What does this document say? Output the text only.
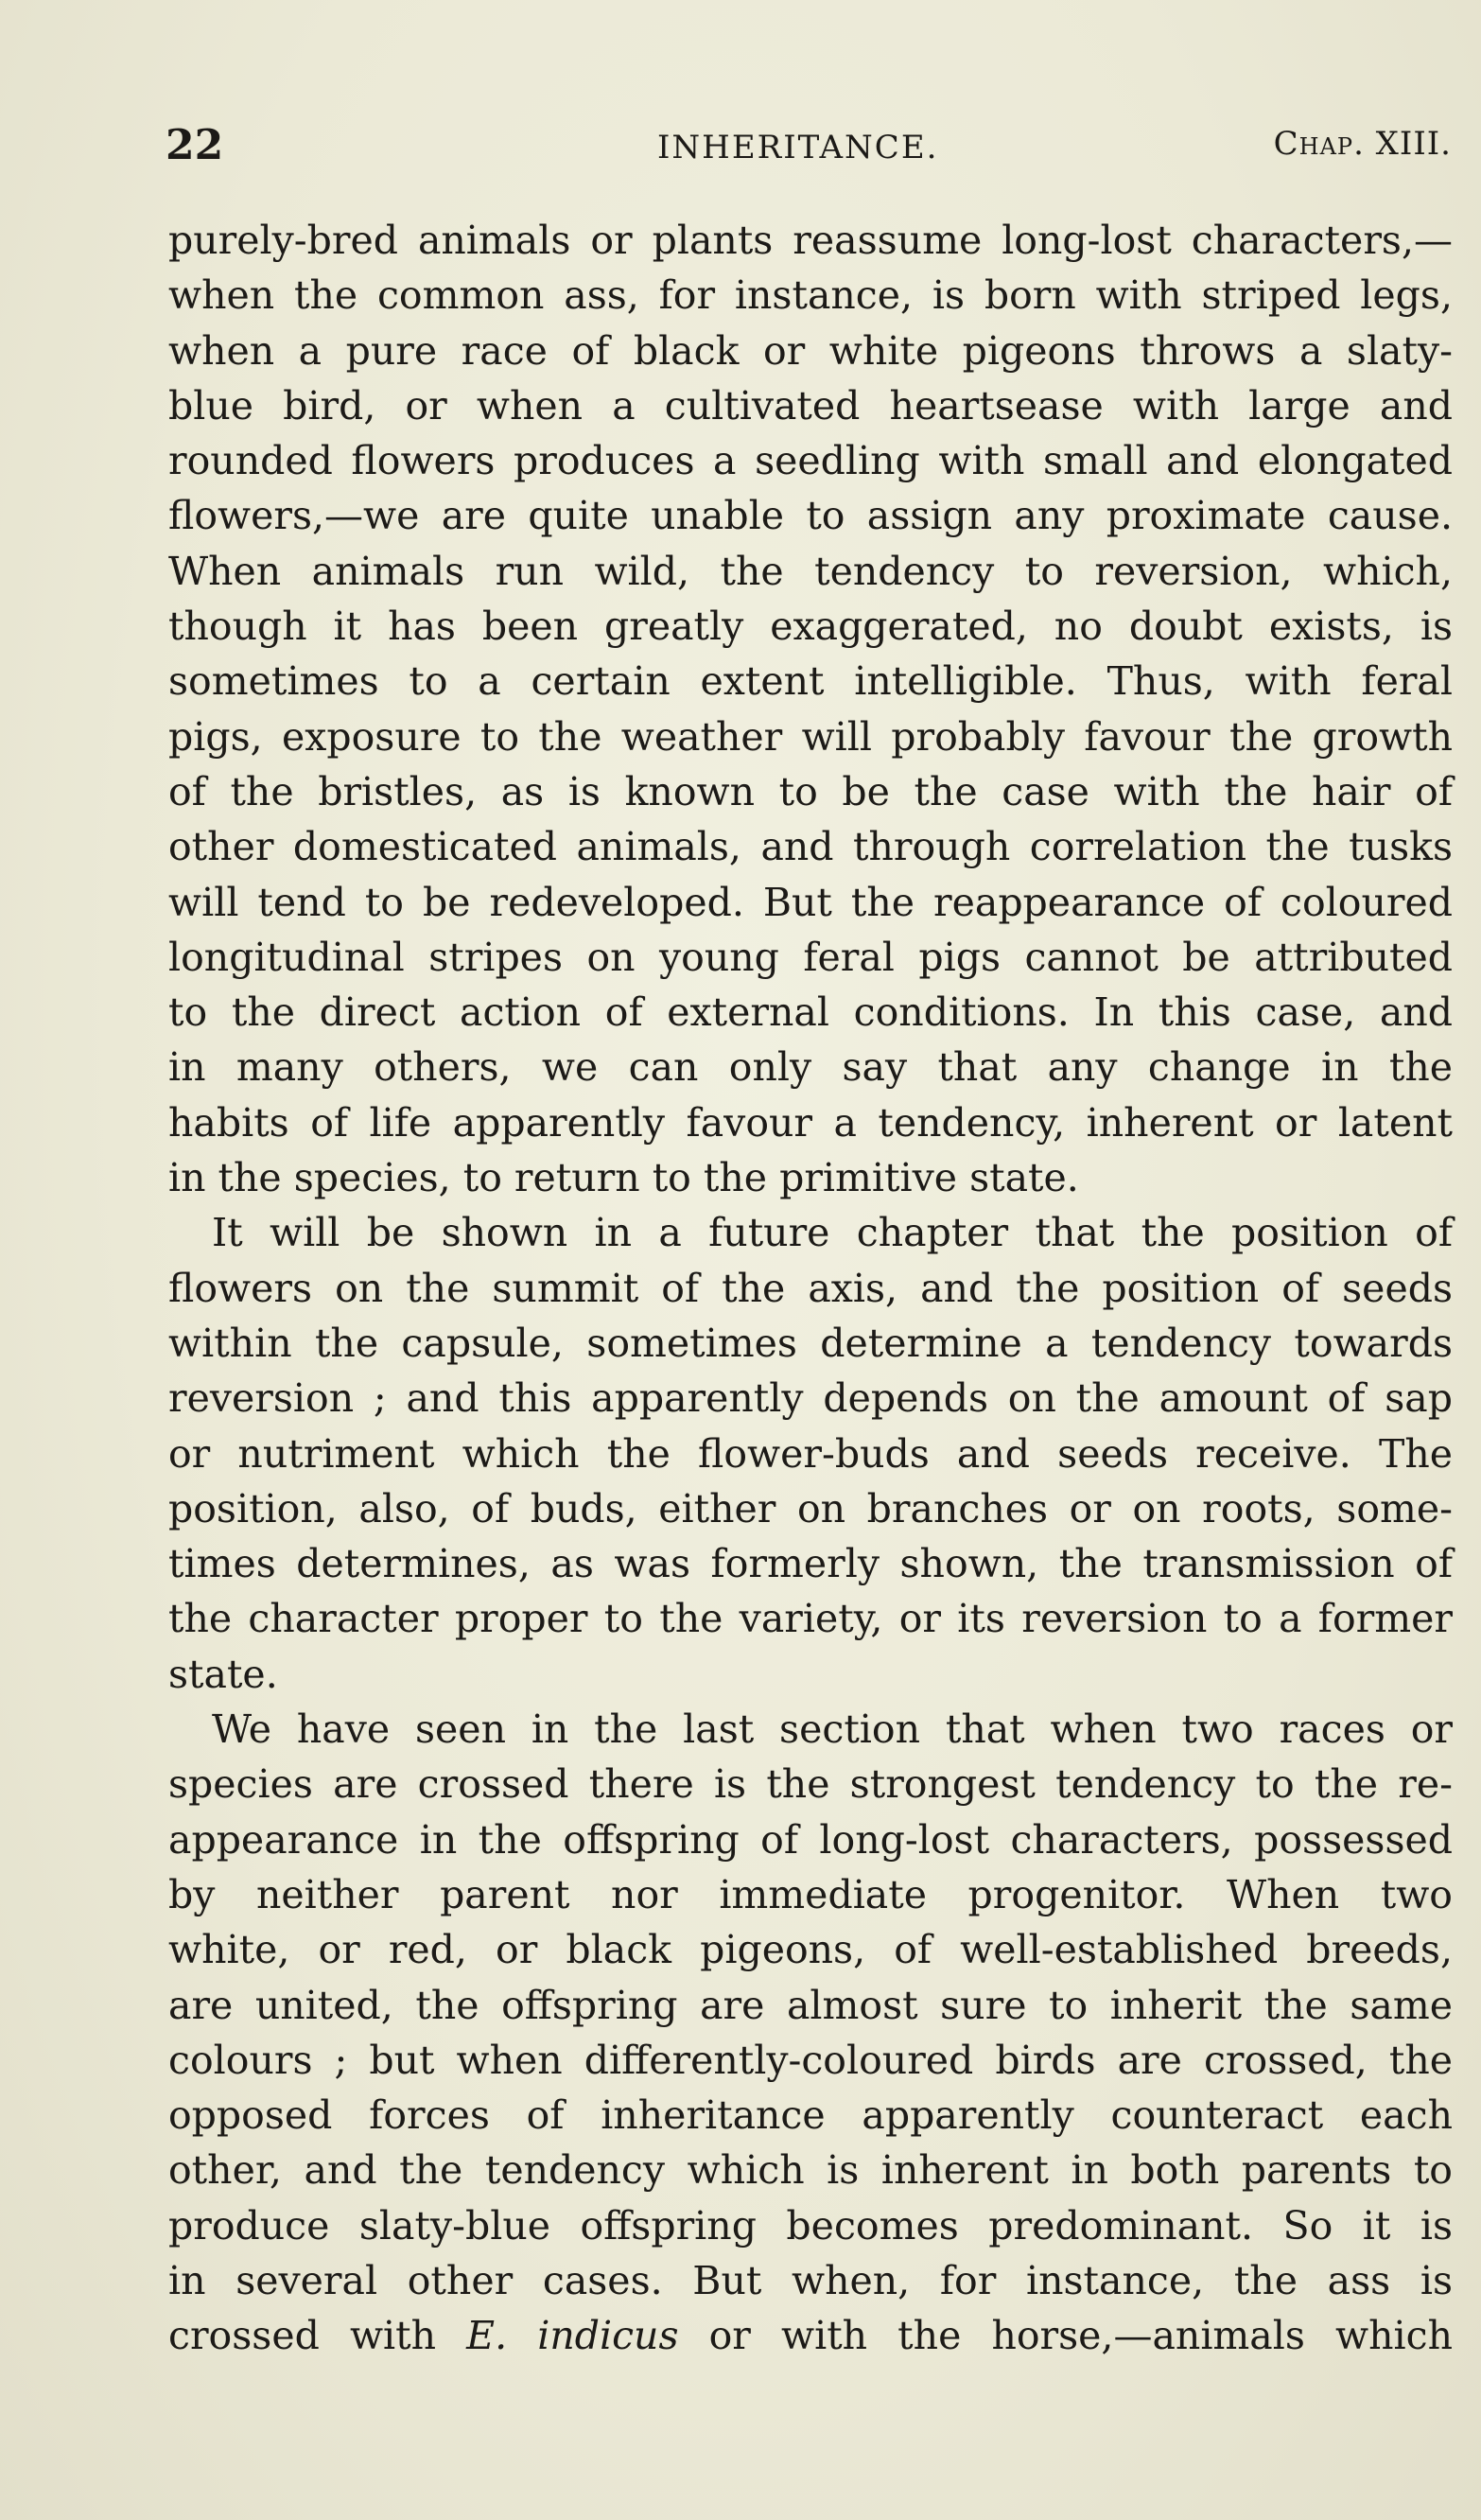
22	INHERITANCE.	Chap. XIII.
purely-bred animals or plants reassume long-lost characters,—
when the common ass, for instance, is born with striped legs,
when a pure race of black or white pigeons throws a slaty-
blue bird, or when a cultivated heartsease with large and
rounded flowers produces a seedling with small and elongated
flowers,—we are quite unable to assign any proximate cause.
When animals run wild, the tendency to reversion, which,
though it has been greatly exaggerated, no doubt exists, is
sometimes to a certain extent intelligible. Thus, with feral
pigs, exposure to the weather will probably favour the growth
of the bristles, as is known to be the case with the hair of
other domesticated animals, and through correlation the tusks
will tend to be redeveloped. But the reappearance of coloured
longitudinal stripes on young feral pigs cannot be attributed
to the direct action of external conditions. In this case, and
in many others, we can only say that any change in the
habits of life apparently favour a tendency, inherent or latent
in the species, to return to the primitive state.
It will be shown in a future chapter that the position of
flowers on the summit of the axis, and the position of seeds
within the capsule, sometimes determine a tendency towards
reversion ; and this apparently depends on the amount of sap
or nutriment which the flower-buds and seeds receive. The
position, also, of buds, either on branches or on roots, some-
times determines, as was formerly shown, the transmission of
the character proper to the variety, or its reversion to a former
state.
We have seen in the last section that when two races or
species are crossed there is the strongest tendency to the re-
appearance in the offspring of long-lost characters, possessed
by neither parent nor immediate progenitor. When two
white, or red, or black pigeons, of well-established breeds,
are united, the offspring are almost sure to inherit the same
colours ; but when differently-coloured birds are crossed, the
opposed forces of inheritance apparently counteract each
other, and the tendency which is inherent in both parents to
produce slaty-blue offspring becomes predominant. So it is
in several other cases. But when, for instance, the ass is
crossed with E. indicus or with the horse,—animals which
